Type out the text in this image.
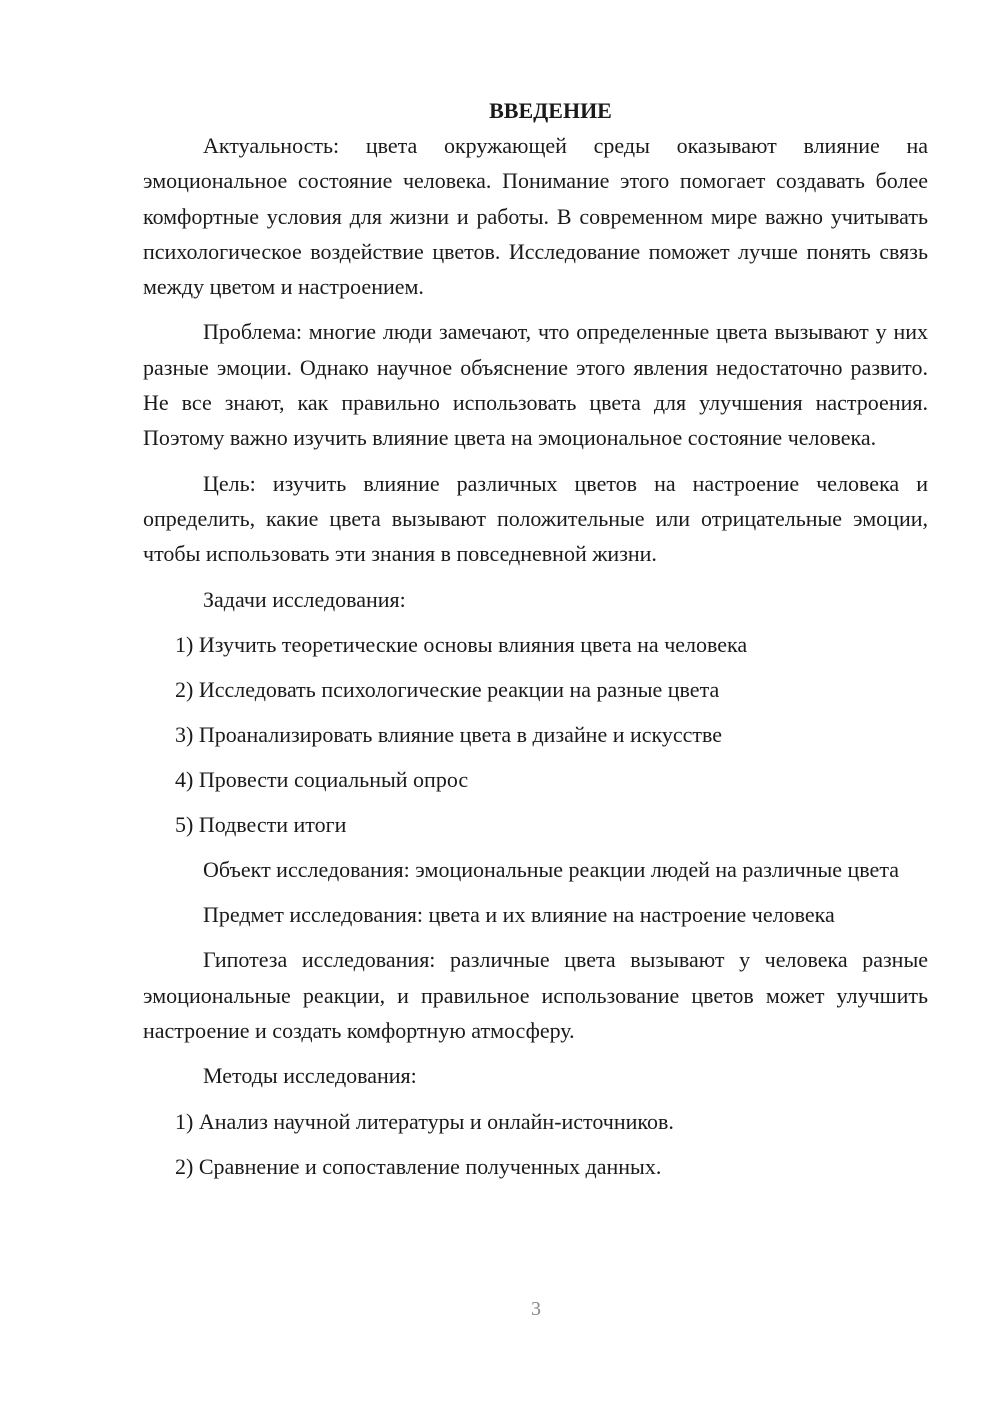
ВВЕДЕНИЕ

Актуальность: цвета окружающей среды оказывают влияние на эмоциональное состояние человека. Понимание этого помогает создавать более комфортные условия для жизни и работы. В современном мире важно учитывать психологическое воздействие цветов. Исследование поможет лучше понять связь между цветом и настроением.

Проблема: многие люди замечают, что определенные цвета вызывают у них разные эмоции. Однако научное объяснение этого явления недостаточно развито. Не все знают, как правильно использовать цвета для улучшения настроения. Поэтому важно изучить влияние цвета на эмоциональное состояние человека.

Цель: изучить влияние различных цветов на настроение человека и определить, какие цвета вызывают положительные или отрицательные эмоции, чтобы использовать эти знания в повседневной жизни.

Задачи исследования:

1) Изучить теоретические основы влияния цвета на человека
2) Исследовать психологические реакции на разные цвета
3) Проанализировать влияние цвета в дизайне и искусстве
4) Провести социальный опрос
5) Подвести итоги

Объект исследования: эмоциональные реакции людей на различные цвета

Предмет исследования: цвета и их влияние на настроение человека

Гипотеза исследования: различные цвета вызывают у человека разные эмоциональные реакции, и правильное использование цветов может улучшить настроение и создать комфортную атмосферу.

Методы исследования:

1) Анализ научной литературы и онлайн-источников.
2) Сравнение и сопоставление полученных данных.
3
